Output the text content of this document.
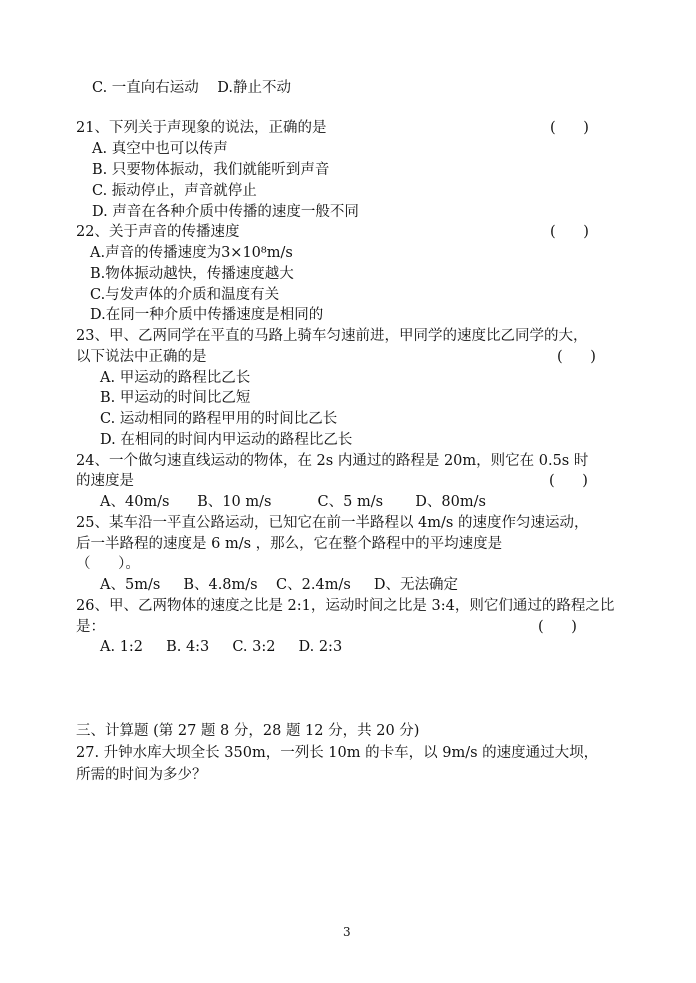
C. 一直向右运动    D.静止不动
21、下列关于声现象的说法，正确的是	(      )
A. 真空中也可以传声
B. 只要物体振动，我们就能听到声音
C. 振动停止，声音就停止
D. 声音在各种介质中传播的速度一般不同
22、关于声音的传播速度	(      )
A.声音的传播速度为3×10⁸m/s
B.物体振动越快，传播速度越大
C.与发声体的介质和温度有关
D.在同一种介质中传播速度是相同的
23、甲、乙两同学在平直的马路上骑车匀速前进，甲同学的速度比乙同学的大，
以下说法中正确的是	(      )
A. 甲运动的路程比乙长
B. 甲运动的时间比乙短
C. 运动相同的路程甲用的时间比乙长
D. 在相同的时间内甲运动的路程比乙长
24、一个做匀速直线运动的物体，在 2s 内通过的路程是 20m，则它在 0.5s 时
的速度是	(      )
A、40m/s      B、10 m/s          C、5 m/s       D、80m/s
25、某车沿一平直公路运动，已知它在前一半路程以 4m/s 的速度作匀速运动，
后一半路程的速度是 6 m/s ，那么，它在整个路程中的平均速度是
（      ）。
A、5m/s     B、4.8m/s    C、2.4m/s     D、无法确定
26、甲、乙两物体的速度之比是 2:1，运动时间之比是 3:4，则它们通过的路程之比
是：	(      )
A. 1:2     B. 4:3     C. 3:2     D. 2:3
三、计算题 (第 27 题 8 分，28 题 12 分，共 20 分)
27. 升钟水库大坝全长 350m，一列长 10m 的卡车，以 9m/s 的速度通过大坝，
所需的时间为多少？
3
